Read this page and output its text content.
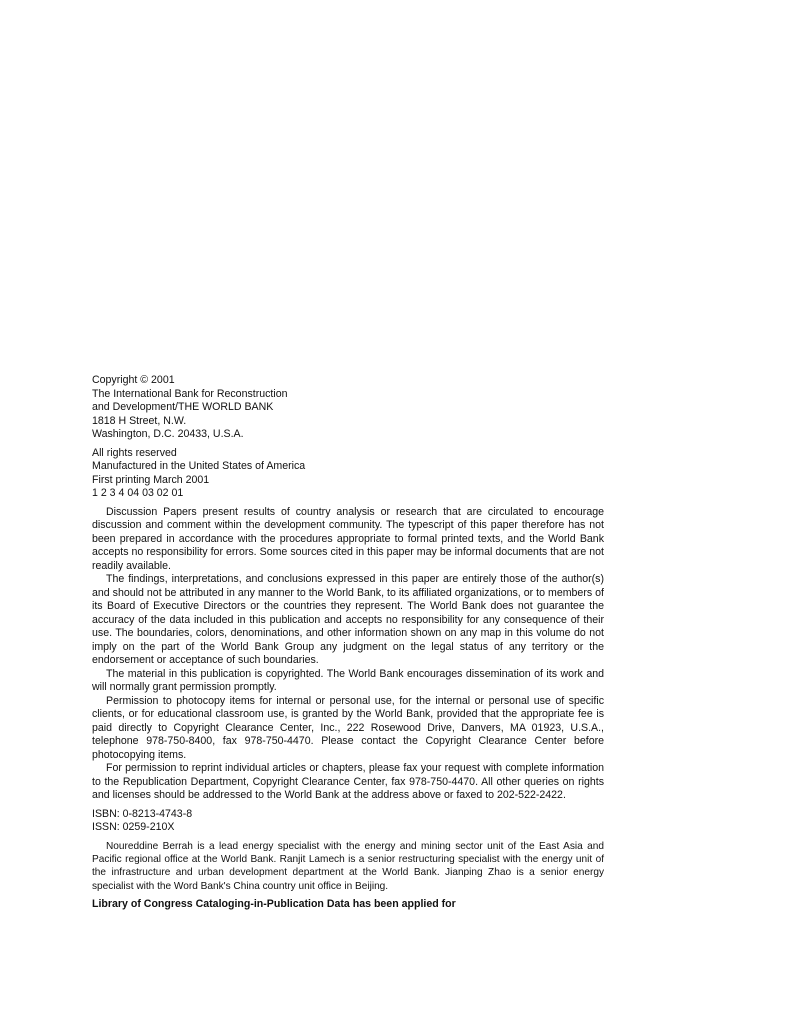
Copyright © 2001
The International Bank for Reconstruction
and Development/THE WORLD BANK
1818 H Street, N.W.
Washington, D.C. 20433, U.S.A.
All rights reserved
Manufactured in the United States of America
First printing March 2001
1 2 3 4 04 03 02 01

Discussion Papers present results of country analysis or research that are circulated to encourage discussion and comment within the development community. The typescript of this paper therefore has not been prepared in accordance with the procedures appropriate to formal printed texts, and the World Bank accepts no responsibility for errors. Some sources cited in this paper may be informal documents that are not readily available.

The findings, interpretations, and conclusions expressed in this paper are entirely those of the author(s) and should not be attributed in any manner to the World Bank, to its affiliated organizations, or to members of its Board of Executive Directors or the countries they represent. The World Bank does not guarantee the accuracy of the data included in this publication and accepts no responsibility for any consequence of their use. The boundaries, colors, denominations, and other information shown on any map in this volume do not imply on the part of the World Bank Group any judgment on the legal status of any territory or the endorsement or acceptance of such boundaries.

The material in this publication is copyrighted. The World Bank encourages dissemination of its work and will normally grant permission promptly.

Permission to photocopy items for internal or personal use, for the internal or personal use of specific clients, or for educational classroom use, is granted by the World Bank, provided that the appropriate fee is paid directly to Copyright Clearance Center, Inc., 222 Rosewood Drive, Danvers, MA 01923, U.S.A., telephone 978-750-8400, fax 978-750-4470. Please contact the Copyright Clearance Center before photocopying items.

For permission to reprint individual articles or chapters, please fax your request with complete information to the Republication Department, Copyright Clearance Center, fax 978-750-4470. All other queries on rights and licenses should be addressed to the World Bank at the address above or faxed to 202-522-2422.

ISBN: 0-8213-4743-8
ISSN: 0259-210X

Noureddine Berrah is a lead energy specialist with the energy and mining sector unit of the East Asia and Pacific regional office at the World Bank. Ranjit Lamech is a senior restructuring specialist with the energy unit of the infrastructure and urban development department at the World Bank. Jianping Zhao is a senior energy specialist with the Word Bank's China country unit office in Beijing.

Library of Congress Cataloging-in-Publication Data has been applied for
